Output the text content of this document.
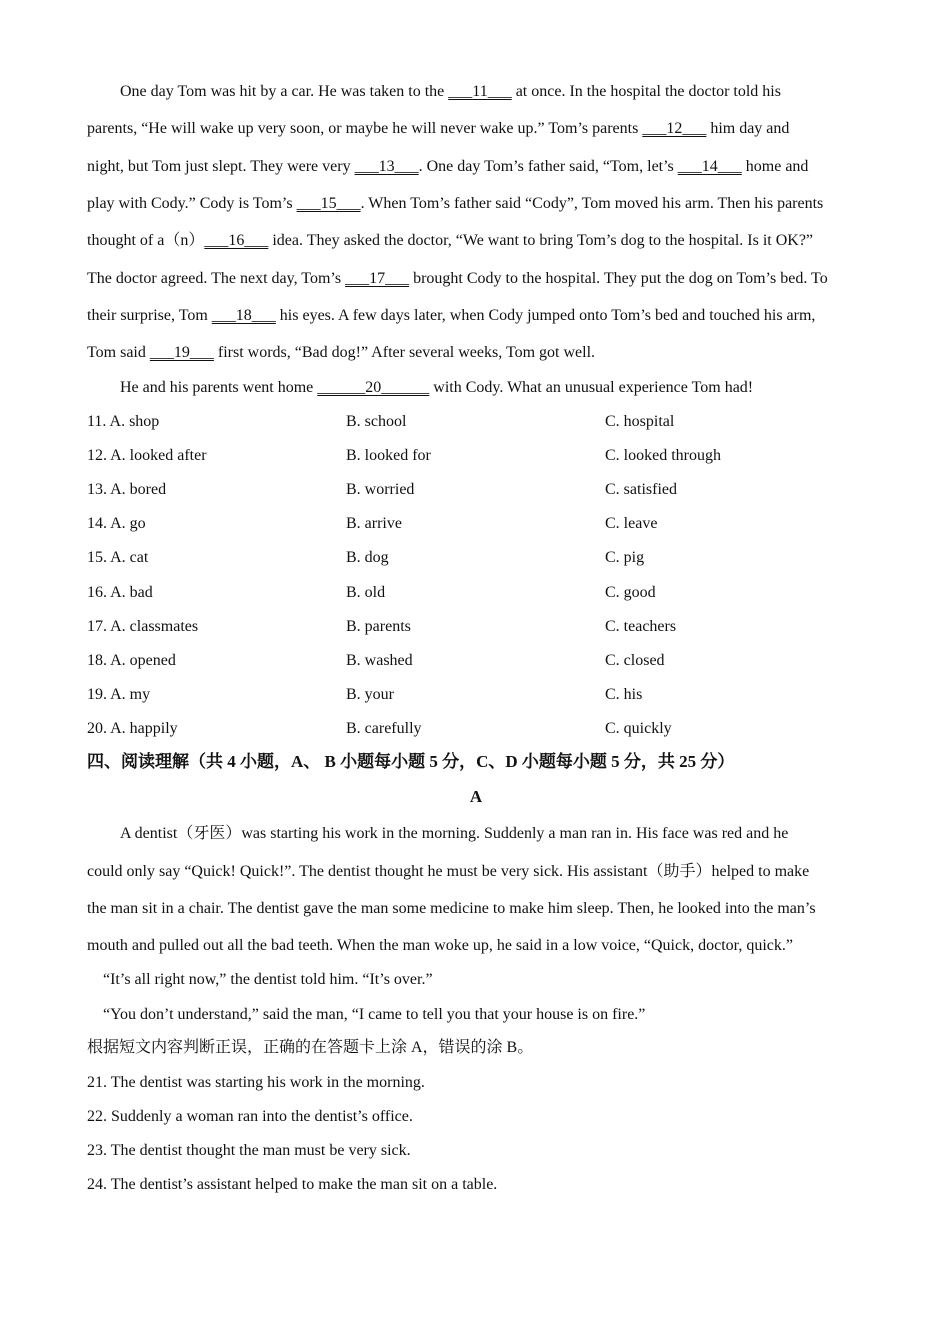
One day Tom was hit by a car. He was taken to the ___11___ at once. In the hospital the doctor told his
parents, “He will wake up very soon, or maybe he will never wake up.” Tom’s parents ___12___ him day and
night, but Tom just slept. They were very ___13___. One day Tom’s father said, “Tom, let’s ___14___ home and
play with Cody.” Cody is Tom’s ___15___. When Tom’s father said “Cody”, Tom moved his arm. Then his parents
thought of a（n）___16___ idea. They asked the doctor, “We want to bring Tom’s dog to the hospital. Is it OK?”
The doctor agreed. The next day, Tom’s ___17___ brought Cody to the hospital. They put the dog on Tom’s bed. To
their surprise, Tom ___18___ his eyes. A few days later, when Cody jumped onto Tom’s bed and touched his arm,
Tom said ___19___ first words, “Bad dog!” After several weeks, Tom got well.
He and his parents went home ______20______ with Cody. What an unusual experience Tom had!
11. A. shop	B. school	C. hospital
12. A. looked after	B. looked for	C. looked through
13. A. bored	B. worried	C. satisfied
14. A. go	B. arrive	C. leave
15. A. cat	B. dog	C. pig
16. A. bad	B. old	C. good
17. A. classmates	B. parents	C. teachers
18. A. opened	B. washed	C. closed
19. A. my	B. your	C. his
20. A. happily	B. carefully	C. quickly
四、阅读理解（共 4 小题，A、 B 小题每小题 5 分，C、D 小题每小题 5 分，共 25 分）
A
A dentist（牙医）was starting his work in the morning. Suddenly a man ran in. His face was red and he
could only say “Quick! Quick!”. The dentist thought he must be very sick. His assistant（助手）helped to make
the man sit in a chair. The dentist gave the man some medicine to make him sleep. Then, he looked into the man’s
mouth and pulled out all the bad teeth. When the man woke up, he said in a low voice, “Quick, doctor, quick.”
“It’s all right now,” the dentist told him. “It’s over.”
“You don’t understand,” said the man, “I came to tell you that your house is on fire.”
根据短文内容判断正误，正确的在答题卡上涂 A，错误的涂 B。
21. The dentist was starting his work in the morning.
22. Suddenly a woman ran into the dentist’s office.
23. The dentist thought the man must be very sick.
24. The dentist’s assistant helped to make the man sit on a table.
